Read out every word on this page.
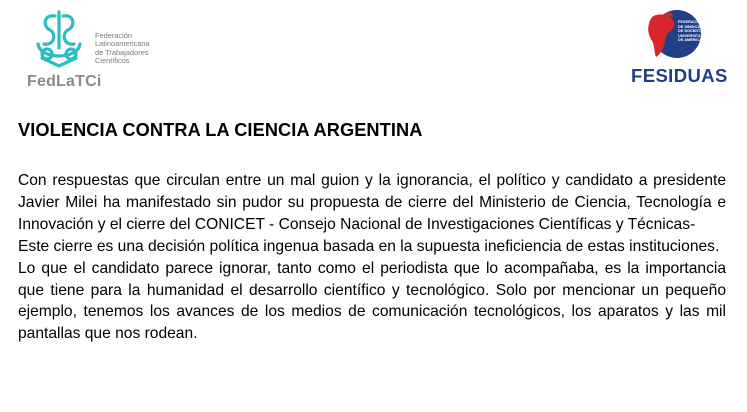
Federación
Latinoamericana
de Trabajadores
Científicos
FedLaTCi
FEDERACIÓN
DE SINDICATOS
DE DOCENTES
UNIVERSITARIOS
DE AMÉRICA DEL SUR
FESIDUAS
VIOLENCIA CONTRA LA CIENCIA ARGENTINA

Con respuestas que circulan entre un mal guion y la ignorancia, el político y candidato a presidente Javier Milei ha manifestado sin pudor su propuesta de cierre del Ministerio de Ciencia, Tecnología e Innovación y el cierre del CONICET - Consejo Nacional de Investigaciones Científicas y Técnicas-

Este cierre es una decisión política ingenua basada en la supuesta ineficiencia de estas instituciones.

Lo que el candidato parece ignorar, tanto como el periodista que lo acompañaba, es la importancia que tiene para la humanidad el desarrollo científico y tecnológico. Solo por mencionar un pequeño ejemplo, tenemos los avances de los medios de comunicación tecnológicos, los aparatos y las mil pantallas que nos rodean.
